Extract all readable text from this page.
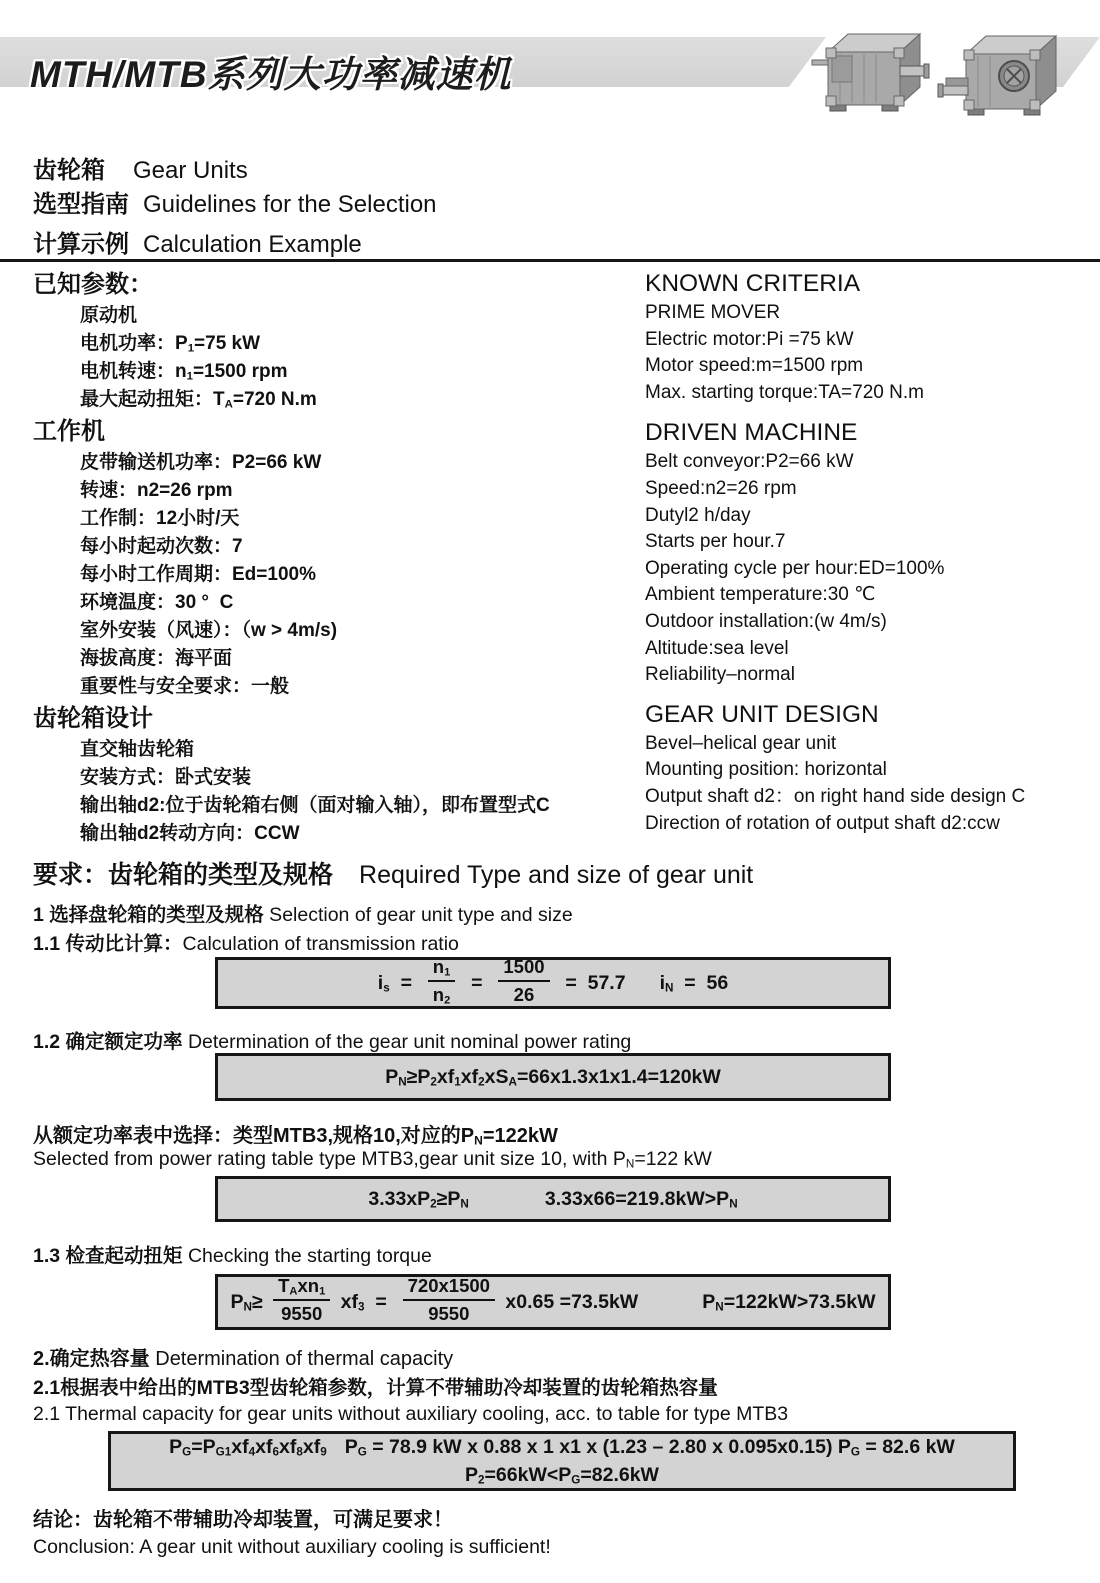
MTH/MTB系列大功率减速机
齿轮箱 Gear Units
选型指南 Guidelines for the Selection
计算示例 Calculation Example
已知参数：
原动机
电机功率：$P_1=75$ kW
电机转速：$n_1=1500$ rpm
最大起动扭矩：$T_A=720$ N.m
工作机
皮带输送机功率：P2=66 kW
转速：n2=26 rpm
工作制：12小时/天
每小时起动次数：7
每小时工作周期：Ed=100%
环境温度：30 °  C
室外安装（风速）：（w > 4m/s)
海拔高度：海平面
重要性与安全要求：一般
齿轮箱设计
直交轴齿轮箱
安装方式：卧式安装
输出轴d2:位于齿轮箱右侧（面对输入轴），即布置型式C
输出轴d2转动方向：CCW
KNOWN CRITERIA
PRIME MOVER
Electric motor:Pi =75 kW
Motor speed:m=1500 rpm
Max. starting torque:TA=720 N.m
DRIVEN MACHINE
Belt conveyor:P2=66 kW
Speed:n2=26 rpm
Dutyl2 h/day
Starts per hour.7
Operating cycle per hour:ED=100%
Ambient temperature:30 ℃
Outdoor installation:(w 4m/s)
Altitude:sea level
Reliability–normal
GEAR UNIT DESIGN
Bevel–helical gear unit
Mounting position: horizontal
Output shaft d2：on right hand side design C
Direction of rotation of output shaft d2:ccw
要求：齿轮箱的类型及规格 Required Type and size of gear unit
1 选择盘轮箱的类型及规格 Selection of gear unit type and size
1.1 传动比计算：Calculation of transmission ratio
$i_s = \frac{n_1}{n_2} = \frac{1500}{26} = 57.7$ $i_N = 56$
1.2 确定额定功率 Determination of the gear unit nominal power rating
$P_N\ge P_2xf_1xf_2xS_A=66x1.3x1x1.4=120kW$
从额定功率表中选择：类型MTB3,规格10,对应的$P_N=122kW$
Selected from power rating table type MTB3,gear unit size 10, with $P_N=122$ kW
$3.33xP_2\ge P_N$	$3.33x66=219.8kW>P_N$
1.3 检查起动扭矩 Checking the starting torque
$P_N\ge \frac{T_Axn_1}{9550} xf_3 = \frac{720x1500}{9550} x0.65 =73.5kW$	$P_N=122kW>73.5kW$
2.确定热容量 Determination of thermal capacity
2.1根据表中给出的MTB3型齿轮箱参数，计算不带辅助冷却装置的齿轮箱热容量
2.1 Thermal capacity for gear units without auxiliary cooling, acc. to table for type MTB3
$P_G=P_{G1}xf_4xf_6xf_8xf_9$ $P_G = 78.9$ kW x 0.88 x 1 x1 x (1.23 – 2.80 x 0.095x0.15) $P_G = 82.6$ kW
$P_2=66kW<P_G=82.6kW$
结论：齿轮箱不带辅助冷却装置，可满足要求！
Conclusion: A gear unit without auxiliary cooling is sufficient!
